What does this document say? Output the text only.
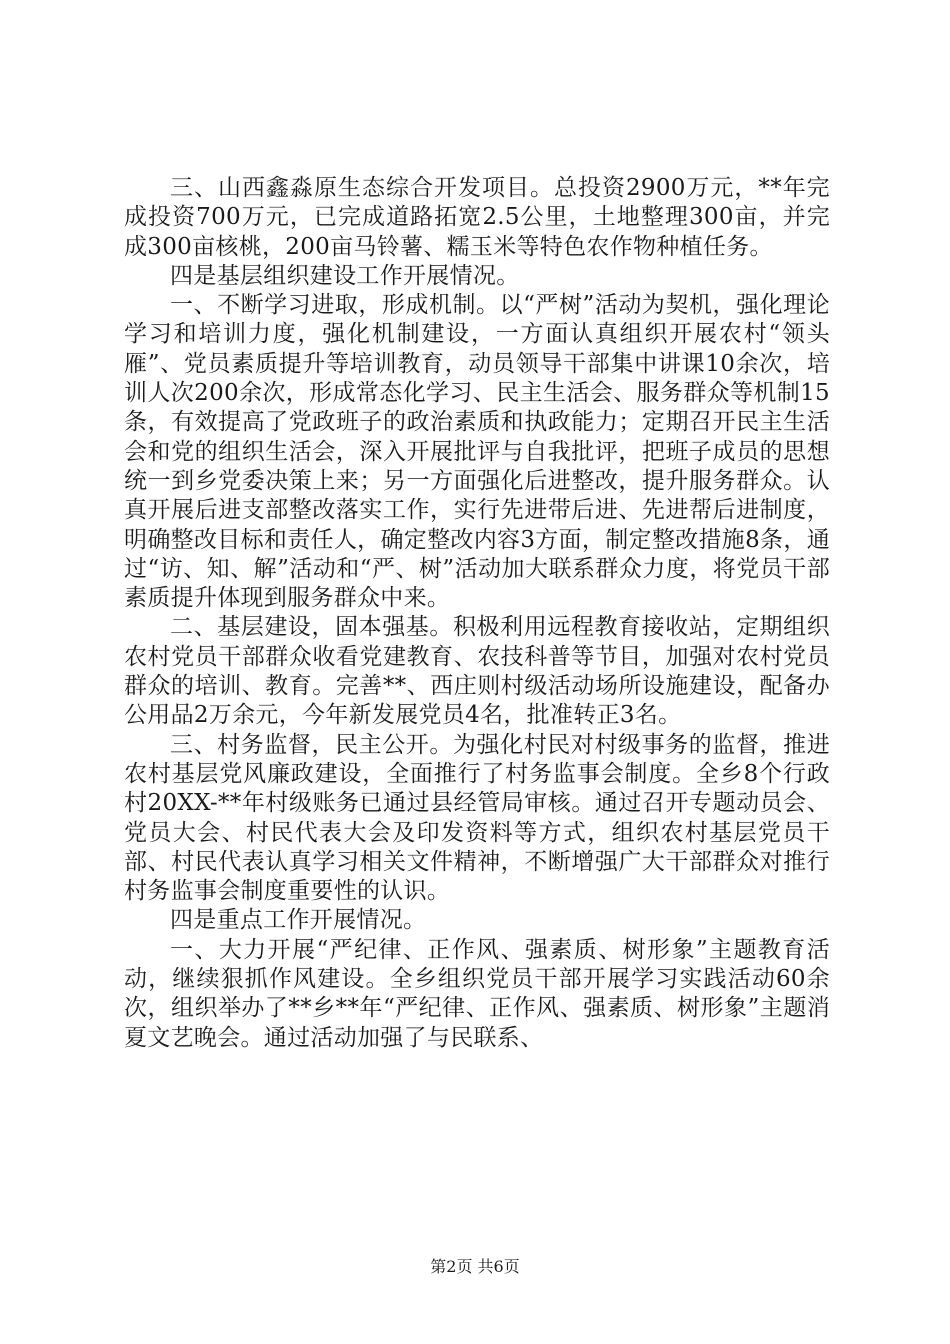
三、山西鑫淼原生态综合开发项目。总投资2900万元，**年完成投资700万元，已完成道路拓宽2.5公里，土地整理300亩，并完成300亩核桃，200亩马铃薯、糯玉米等特色农作物种植任务。

四是基层组织建设工作开展情况。

一、不断学习进取，形成机制。以“严树”活动为契机，强化理论学习和培训力度，强化机制建设，一方面认真组织开展农村“领头雁”、党员素质提升等培训教育，动员领导干部集中讲课10余次，培训人次200余次，形成常态化学习、民主生活会、服务群众等机制15条，有效提高了党政班子的政治素质和执政能力；定期召开民主生活会和党的组织生活会，深入开展批评与自我批评，把班子成员的思想统一到乡党委决策上来；另一方面强化后进整改，提升服务群众。认真开展后进支部整改落实工作，实行先进带后进、先进帮后进制度，明确整改目标和责任人，确定整改内容3方面，制定整改措施8条，通过“访、知、解”活动和“严、树”活动加大联系群众力度，将党员干部素质提升体现到服务群众中来。

二、基层建设，固本强基。积极利用远程教育接收站，定期组织农村党员干部群众收看党建教育、农技科普等节目，加强对农村党员群众的培训、教育。完善**、西庄则村级活动场所设施建设，配备办公用品2万余元，今年新发展党员4名，批准转正3名。

三、村务监督，民主公开。为强化村民对村级事务的监督，推进农村基层党风廉政建设，全面推行了村务监事会制度。全乡8个行政村20XX-**年村级账务已通过县经管局审核。通过召开专题动员会、党员大会、村民代表大会及印发资料等方式，组织农村基层党员干部、村民代表认真学习相关文件精神，不断增强广大干部群众对推行村务监事会制度重要性的认识。

四是重点工作开展情况。

一、大力开展“严纪律、正作风、强素质、树形象”主题教育活动，继续狠抓作风建设。全乡组织党员干部开展学习实践活动60余次，组织举办了**乡**年“严纪律、正作风、强素质、树形象”主题消夏文艺晚会。通过活动加强了与民联系、

第2页 共6页
